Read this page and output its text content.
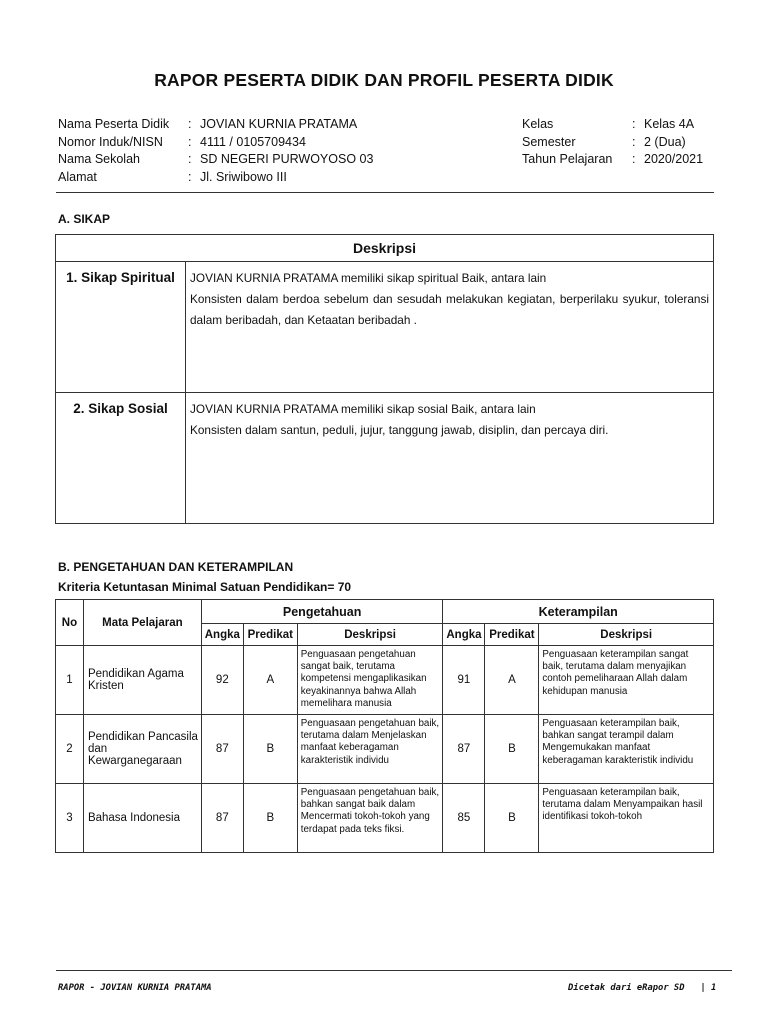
RAPOR PESERTA DIDIK DAN PROFIL PESERTA DIDIK
Nama Peserta Didik	: JOVIAN KURNIA PRATAMA
Nomor Induk/NISN	: 4111 / 0105709434
Nama Sekolah	: SD NEGERI PURWOYOSO 03
Alamat	: Jl. Sriwibowo III
Kelas	: Kelas 4A
Semester	: 2 (Dua)
Tahun Pelajaran	: 2020/2021
A. SIKAP
Deskripsi	
1. Sikap Spiritual	JOVIAN KURNIA PRATAMA memiliki sikap spiritual Baik, antara lain
Konsisten dalam berdoa sebelum dan sesudah melakukan kegiatan, berperilaku syukur, toleransi dalam beribadah, dan Ketaatan beribadah .

2. Sikap Sosial	JOVIAN KURNIA PRATAMA memiliki sikap sosial Baik, antara lain
Konsisten dalam santun, peduli, jujur, tanggung jawab, disiplin, dan percaya diri.
B. PENGETAHUAN DAN KETERAMPILAN
Kriteria Ketuntasan Minimal Satuan Pendidikan= 70
No	Mata Pelajaran	Pengetahuan			Keterampilan		
		Angka	Predikat	Deskripsi	Angka	Predikat	Deskripsi
1	Pendidikan Agama Kristen	92	A	Penguasaan pengetahuan sangat baik, terutama kompetensi mengaplikasikan keyakinannya bahwa Allah memelihara manusia	91	A	Penguasaan keterampilan sangat baik, terutama dalam menyajikan contoh pemeliharaan Allah dalam kehidupan manusia
2	Pendidikan Pancasila dan Kewarganegaraan	87	B	Penguasaan pengetahuan baik, terutama dalam Menjelaskan manfaat keberagaman karakteristik individu	87	B	Penguasaan keterampilan baik, bahkan sangat terampil dalam Mengemukakan manfaat keberagaman karakteristik individu
3	Bahasa Indonesia	87	B	Penguasaan pengetahuan baik, bahkan sangat baik dalam Mencermati tokoh-tokoh yang terdapat pada teks fiksi.	85	B	Penguasaan keterampilan baik, terutama dalam Menyampaikan hasil identifikasi tokoh-tokoh
RAPOR - JOVIAN KURNIA PRATAMA	Dicetak dari eRapor SD   | 1
